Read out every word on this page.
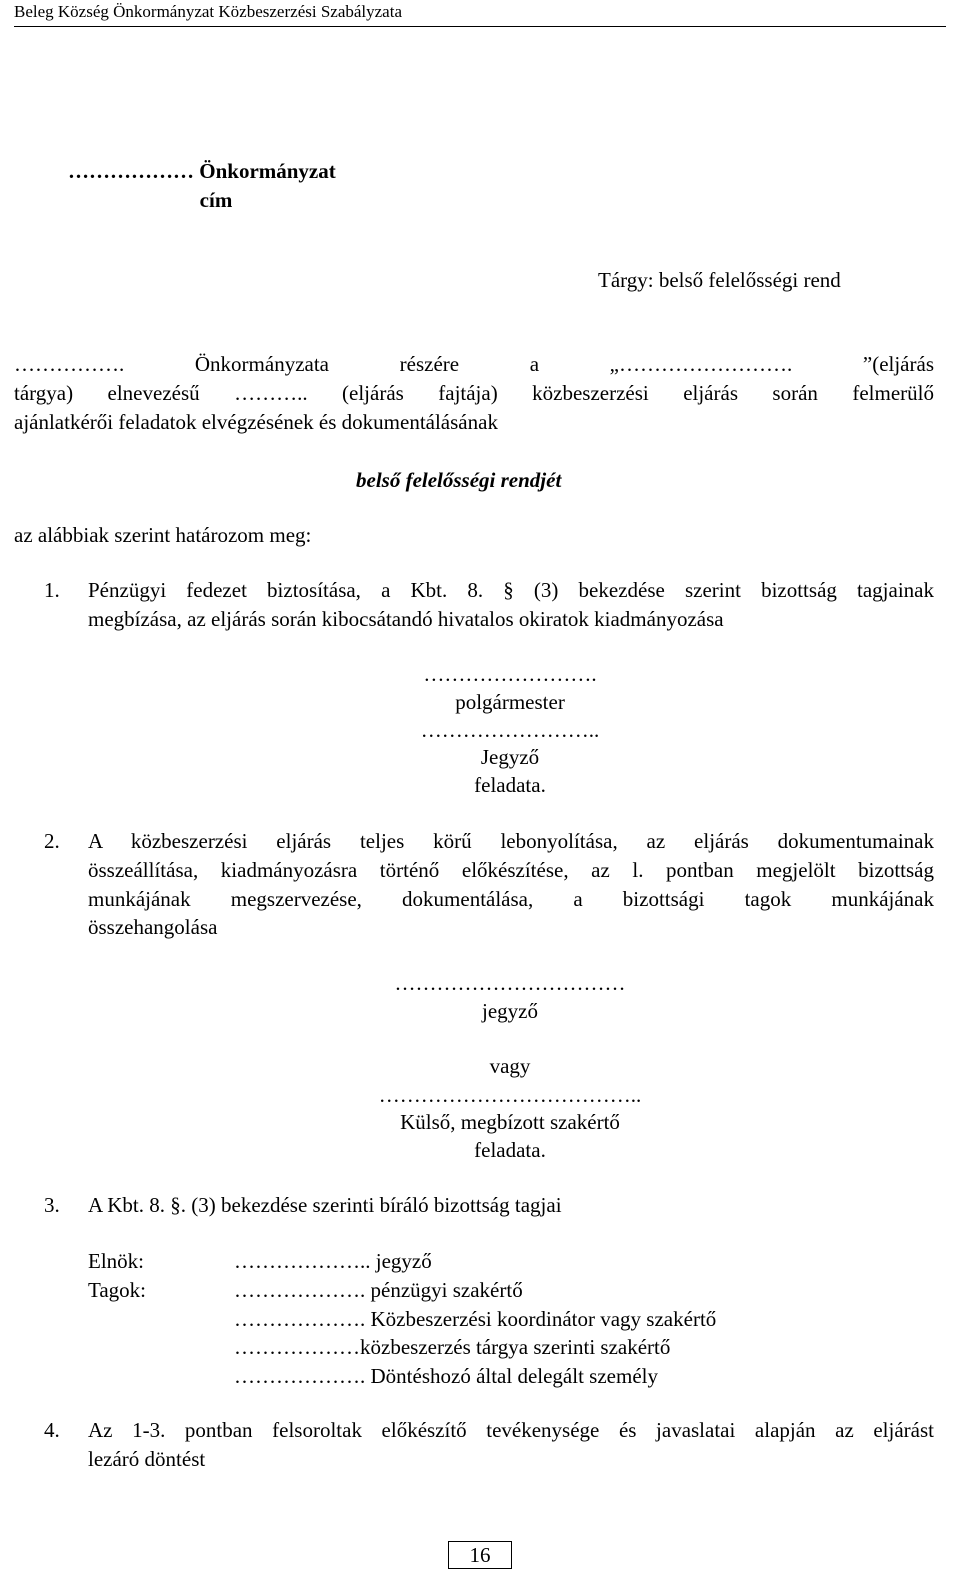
Beleg Község Önkormányzat Közbeszerzési Szabályzata
……………… Önkormányzat
cím
Tárgy: belső felelősségi rend
……………. Önkormányzata részére a „……………………. ”(eljárás
tárgya) elnevezésű ……….. (eljárás fajtája) közbeszerzési eljárás során felmerülő
ajánlatkérői feladatok elvégzésének és dokumentálásának
belső felelősségi rendjét
az alábbiak szerint határozom meg:
1. Pénzügyi fedezet biztosítása, a Kbt. 8. § (3) bekezdése szerint bizottság tagjainak
megbízása, az eljárás során kibocsátandó hivatalos okiratok kiadmányozása
…………………….
polgármester
……………………..
Jegyző
feladata.
2. A közbeszerzési eljárás teljes körű lebonyolítása, az eljárás dokumentumainak
összeállítása, kiadmányozásra történő előkészítése, az l. pontban megjelölt bizottság
munkájának megszervezése, dokumentálása, a bizottsági tagok munkájának
összehangolása
……………………………
jegyző
vagy
………………………………..
Külső, megbízott szakértő
feladata.
3. A Kbt. 8. §. (3) bekezdése szerinti bíráló bizottság tagjai
Elnök:
Tagok:
……………….. jegyző
………………. pénzügyi szakértő
………………. Közbeszerzési koordinátor vagy szakértő
………………közbeszerzés tárgya szerinti szakértő
………………. Döntéshozó által delegált személy
4. Az 1-3. pontban felsoroltak előkészítő tevékenysége és javaslatai alapján az eljárást
lezáró döntést
16
